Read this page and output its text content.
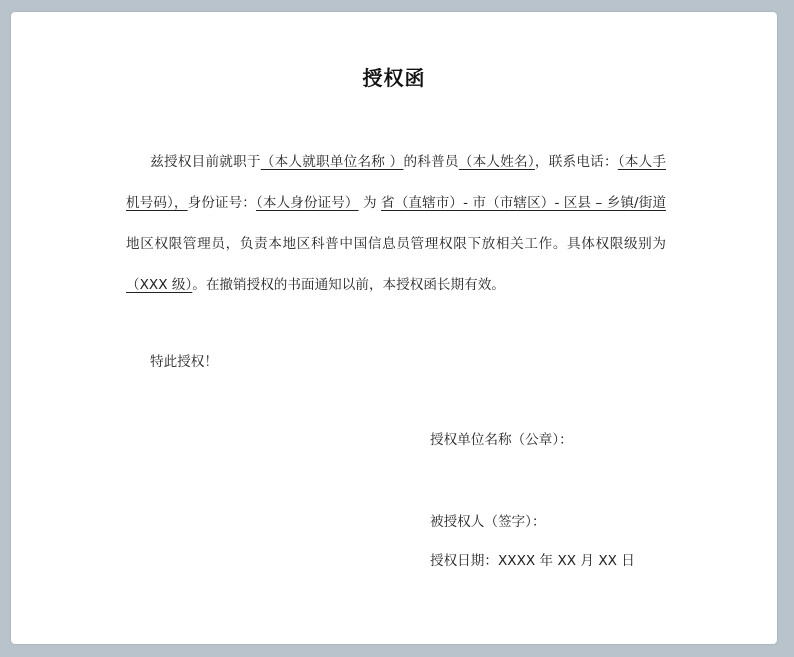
授权函
兹授权目前就职于（本人就职单位名称 ）的科普员（本人姓名），联系电话：（本人手机号码），身份证号：（本人身份证号） 为 省（直辖市）- 市（市辖区）- 区县 – 乡镇/街道 地区权限管理员，负责本地区科普中国信息员管理权限下放相关工作。具体权限级别为 （XXX 级）。在撤销授权的书面通知以前，本授权函长期有效。
特此授权！
授权单位名称（公章）：
被授权人（签字）：
授权日期：XXXX 年 XX 月 XX 日
